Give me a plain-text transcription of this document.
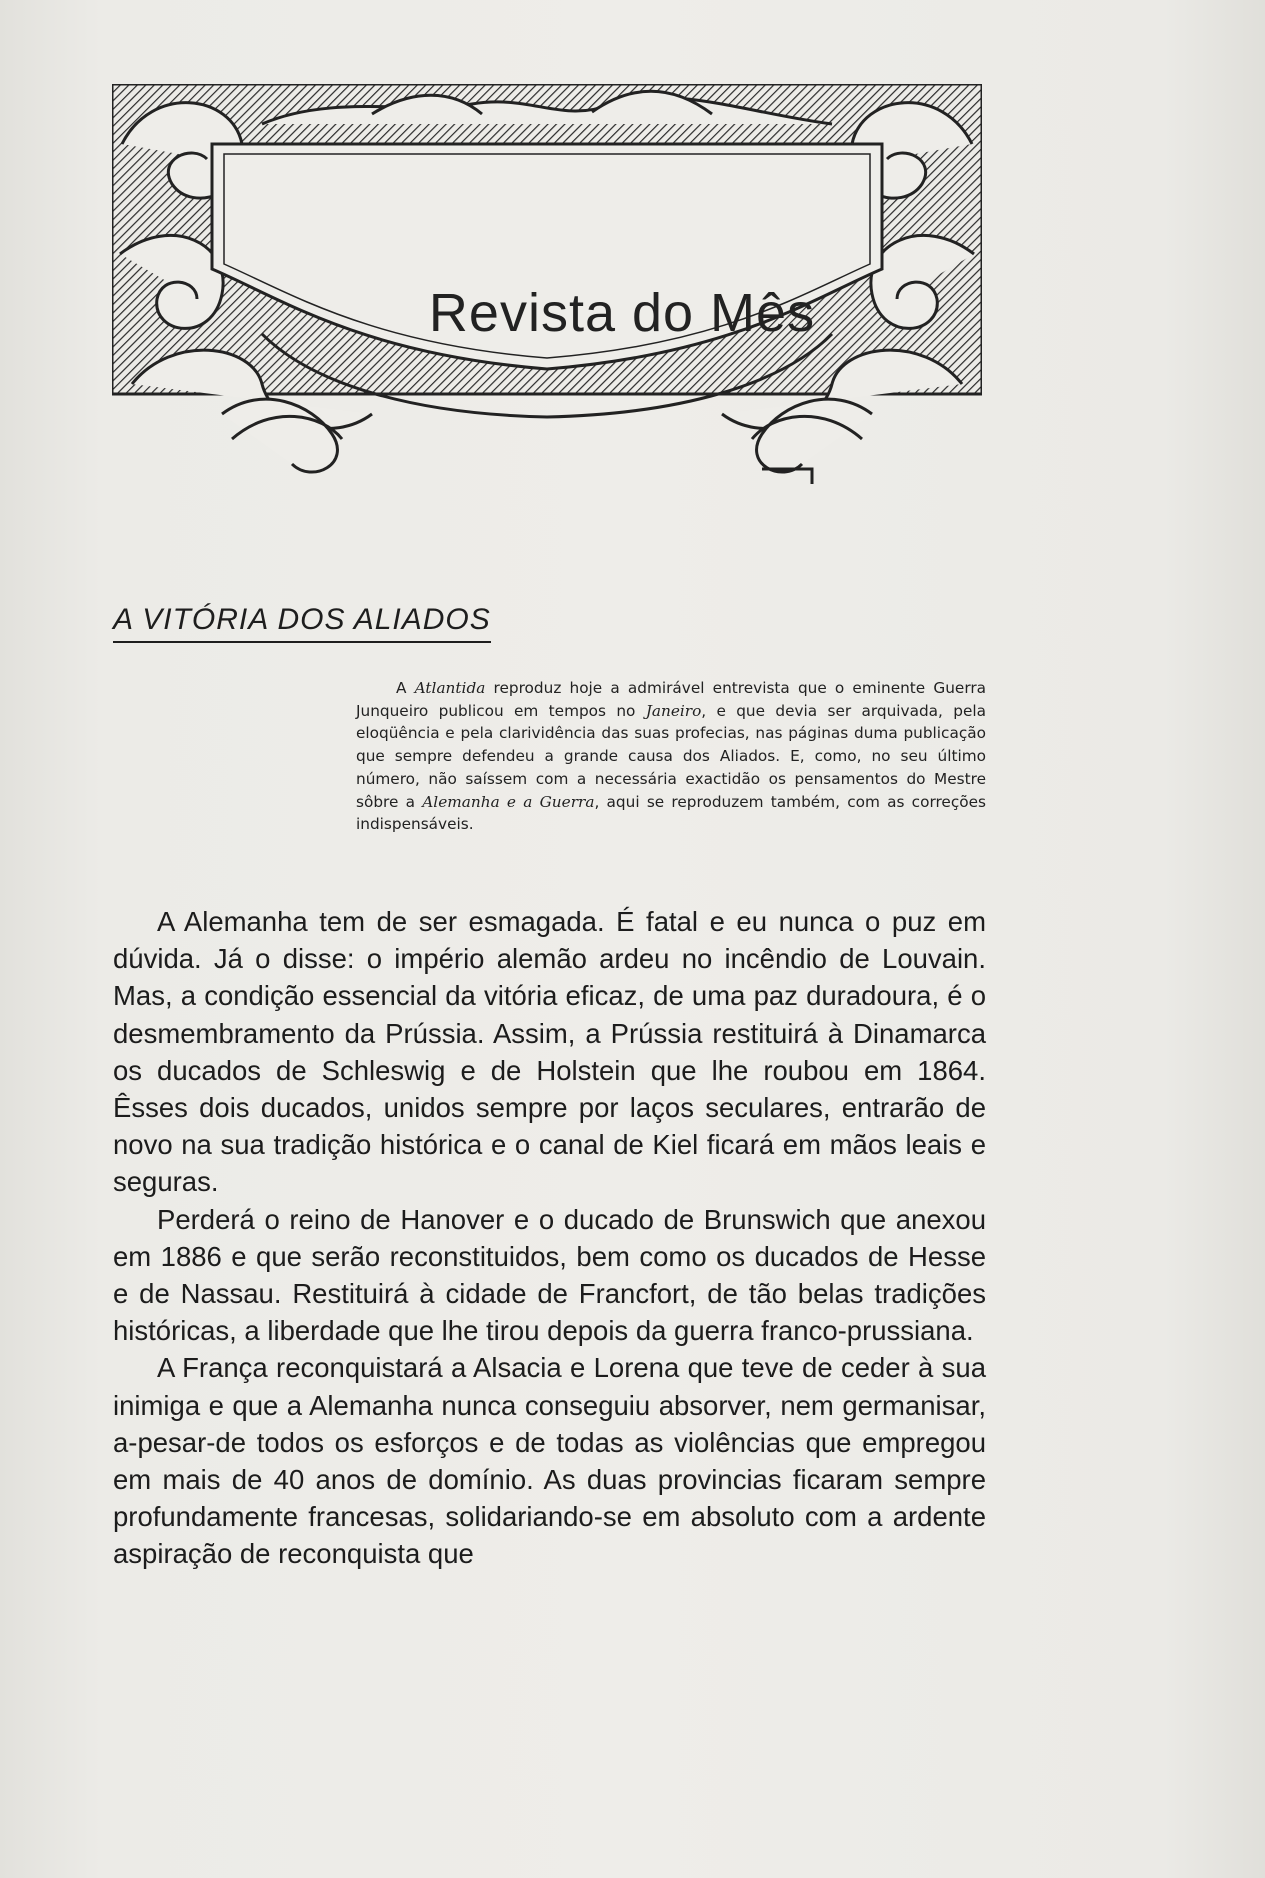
Revista do Mês
A VITÓRIA DOS ALIADOS
A Atlantida reproduz hoje a admirável entrevista que o eminente Guerra Junqueiro publicou em tempos no Janeiro, e que devia ser arquivada, pela eloqüência e pela clarividência das suas profecias, nas páginas duma publicação que sempre defendeu a grande causa dos Aliados. E, como, no seu último número, não saíssem com a necessária exactidão os pensamentos do Mestre sôbre a Alemanha e a Guerra, aqui se reproduzem também, com as correções indispensáveis.

A Alemanha tem de ser esmagada. É fatal e eu nunca o puz em dúvida. Já o disse: o império alemão ardeu no incêndio de Louvain. Mas, a condição essencial da vitória eficaz, de uma paz duradoura, é o desmembramento da Prússia. Assim, a Prússia restituirá à Dinamarca os ducados de Schleswig e de Holstein que lhe roubou em 1864. Êsses dois ducados, unidos sempre por laços seculares, entrarão de novo na sua tradição histórica e o canal de Kiel ficará em mãos leais e seguras.

Perderá o reino de Hanover e o ducado de Brunswich que anexou em 1886 e que serão reconstituidos, bem como os ducados de Hesse e de Nassau. Restituirá à cidade de Francfort, de tão belas tradições históricas, a liberdade que lhe tirou depois da guerra franco-prussiana.

A França reconquistará a Alsacia e Lorena que teve de ceder à sua inimiga e que a Alemanha nunca conseguiu absorver, nem germanisar, a-pesar-de todos os esforços e de todas as violências que empregou em mais de 40 anos de domínio. As duas provincias ficaram sempre profundamente francesas, solidariando-se em absoluto com a ardente aspiração de reconquista que
